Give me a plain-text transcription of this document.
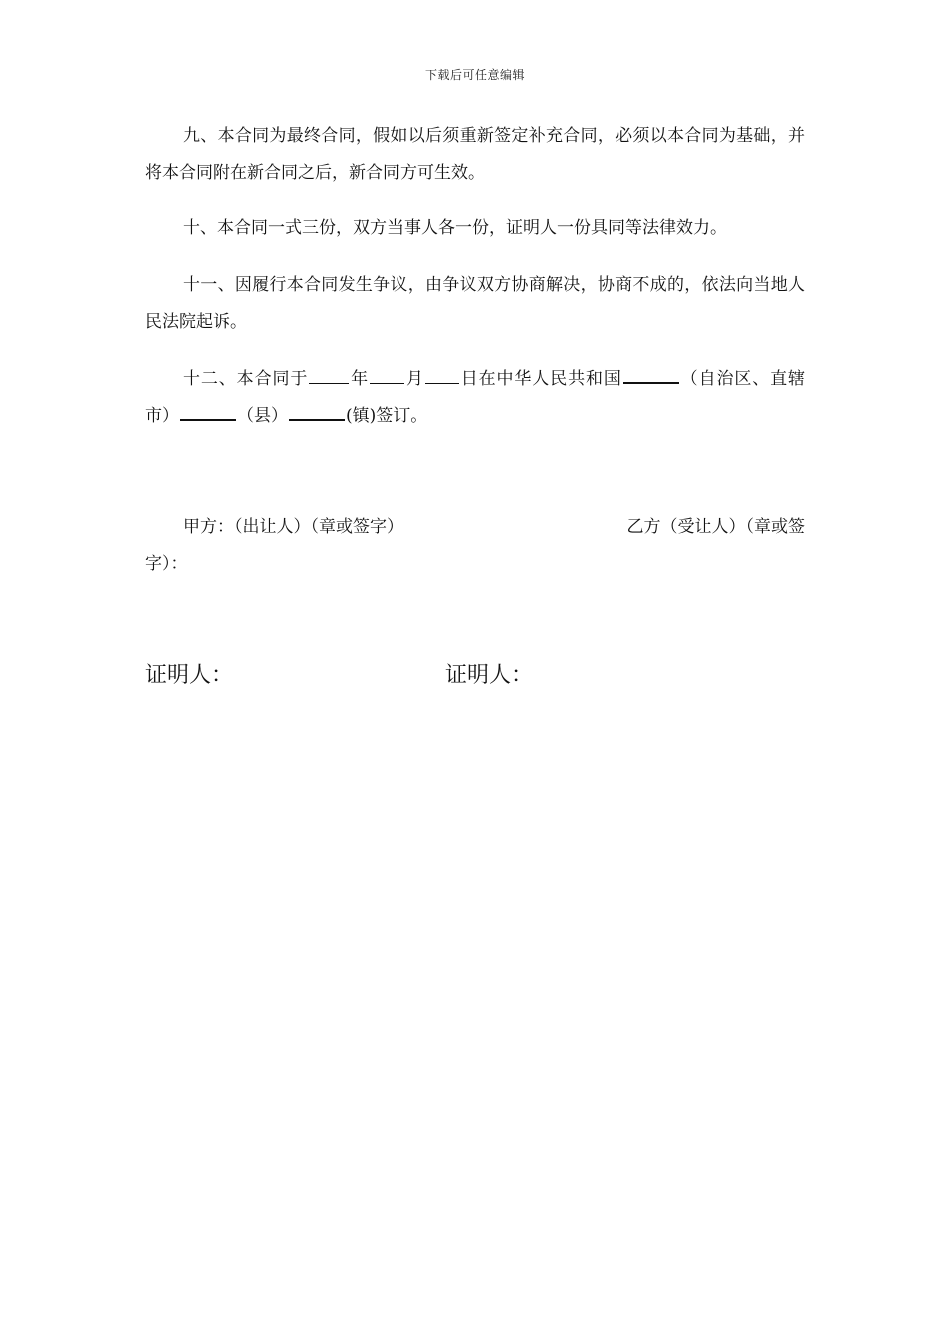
下载后可任意编辑
九、本合同为最终合同，假如以后须重新签定补充合同，必须以本合同为基础，并将本合同附在新合同之后，新合同方可生效。
十、本合同一式三份，双方当事人各一份，证明人一份具同等法律效力。
十一、因履行本合同发生争议，由争议双方协商解决，协商不成的，依法向当地人民法院起诉。
十二、本合同于 年 月 日在中华人民共和国	（自治区、直辖市）	（县）	(镇)签订。
甲方：（出让人）（章或签字）	乙方（受让人）（章或签
字）：
证明人：	证明人：
